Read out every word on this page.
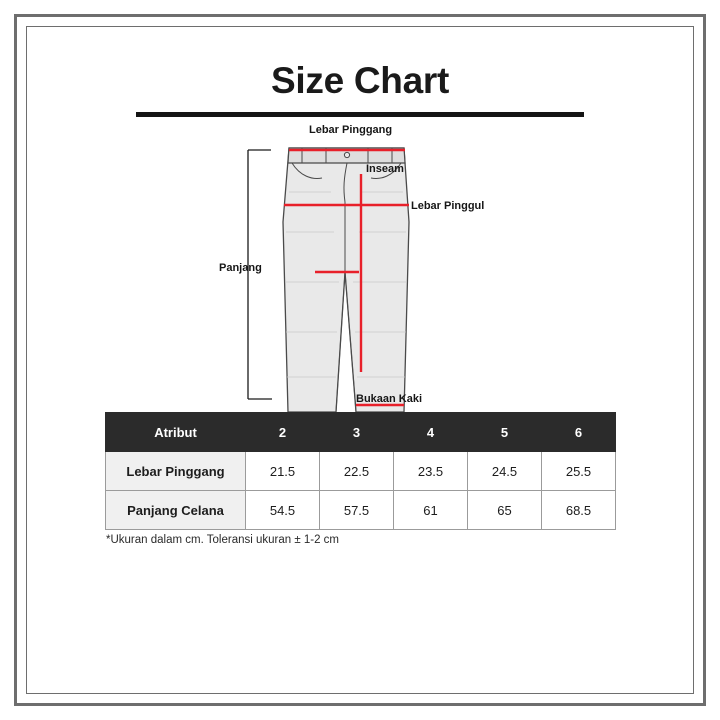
Size Chart
Lebar Pinggang
Inseam
Lebar Pinggul
Panjang
Bukaan Kaki
Atribut	2	3	4	5	6
Lebar Pinggang	21.5	22.5	23.5	24.5	25.5
Panjang Celana	54.5	57.5	61	65	68.5
*Ukuran dalam cm. Toleransi ukuran ± 1-2 cm
